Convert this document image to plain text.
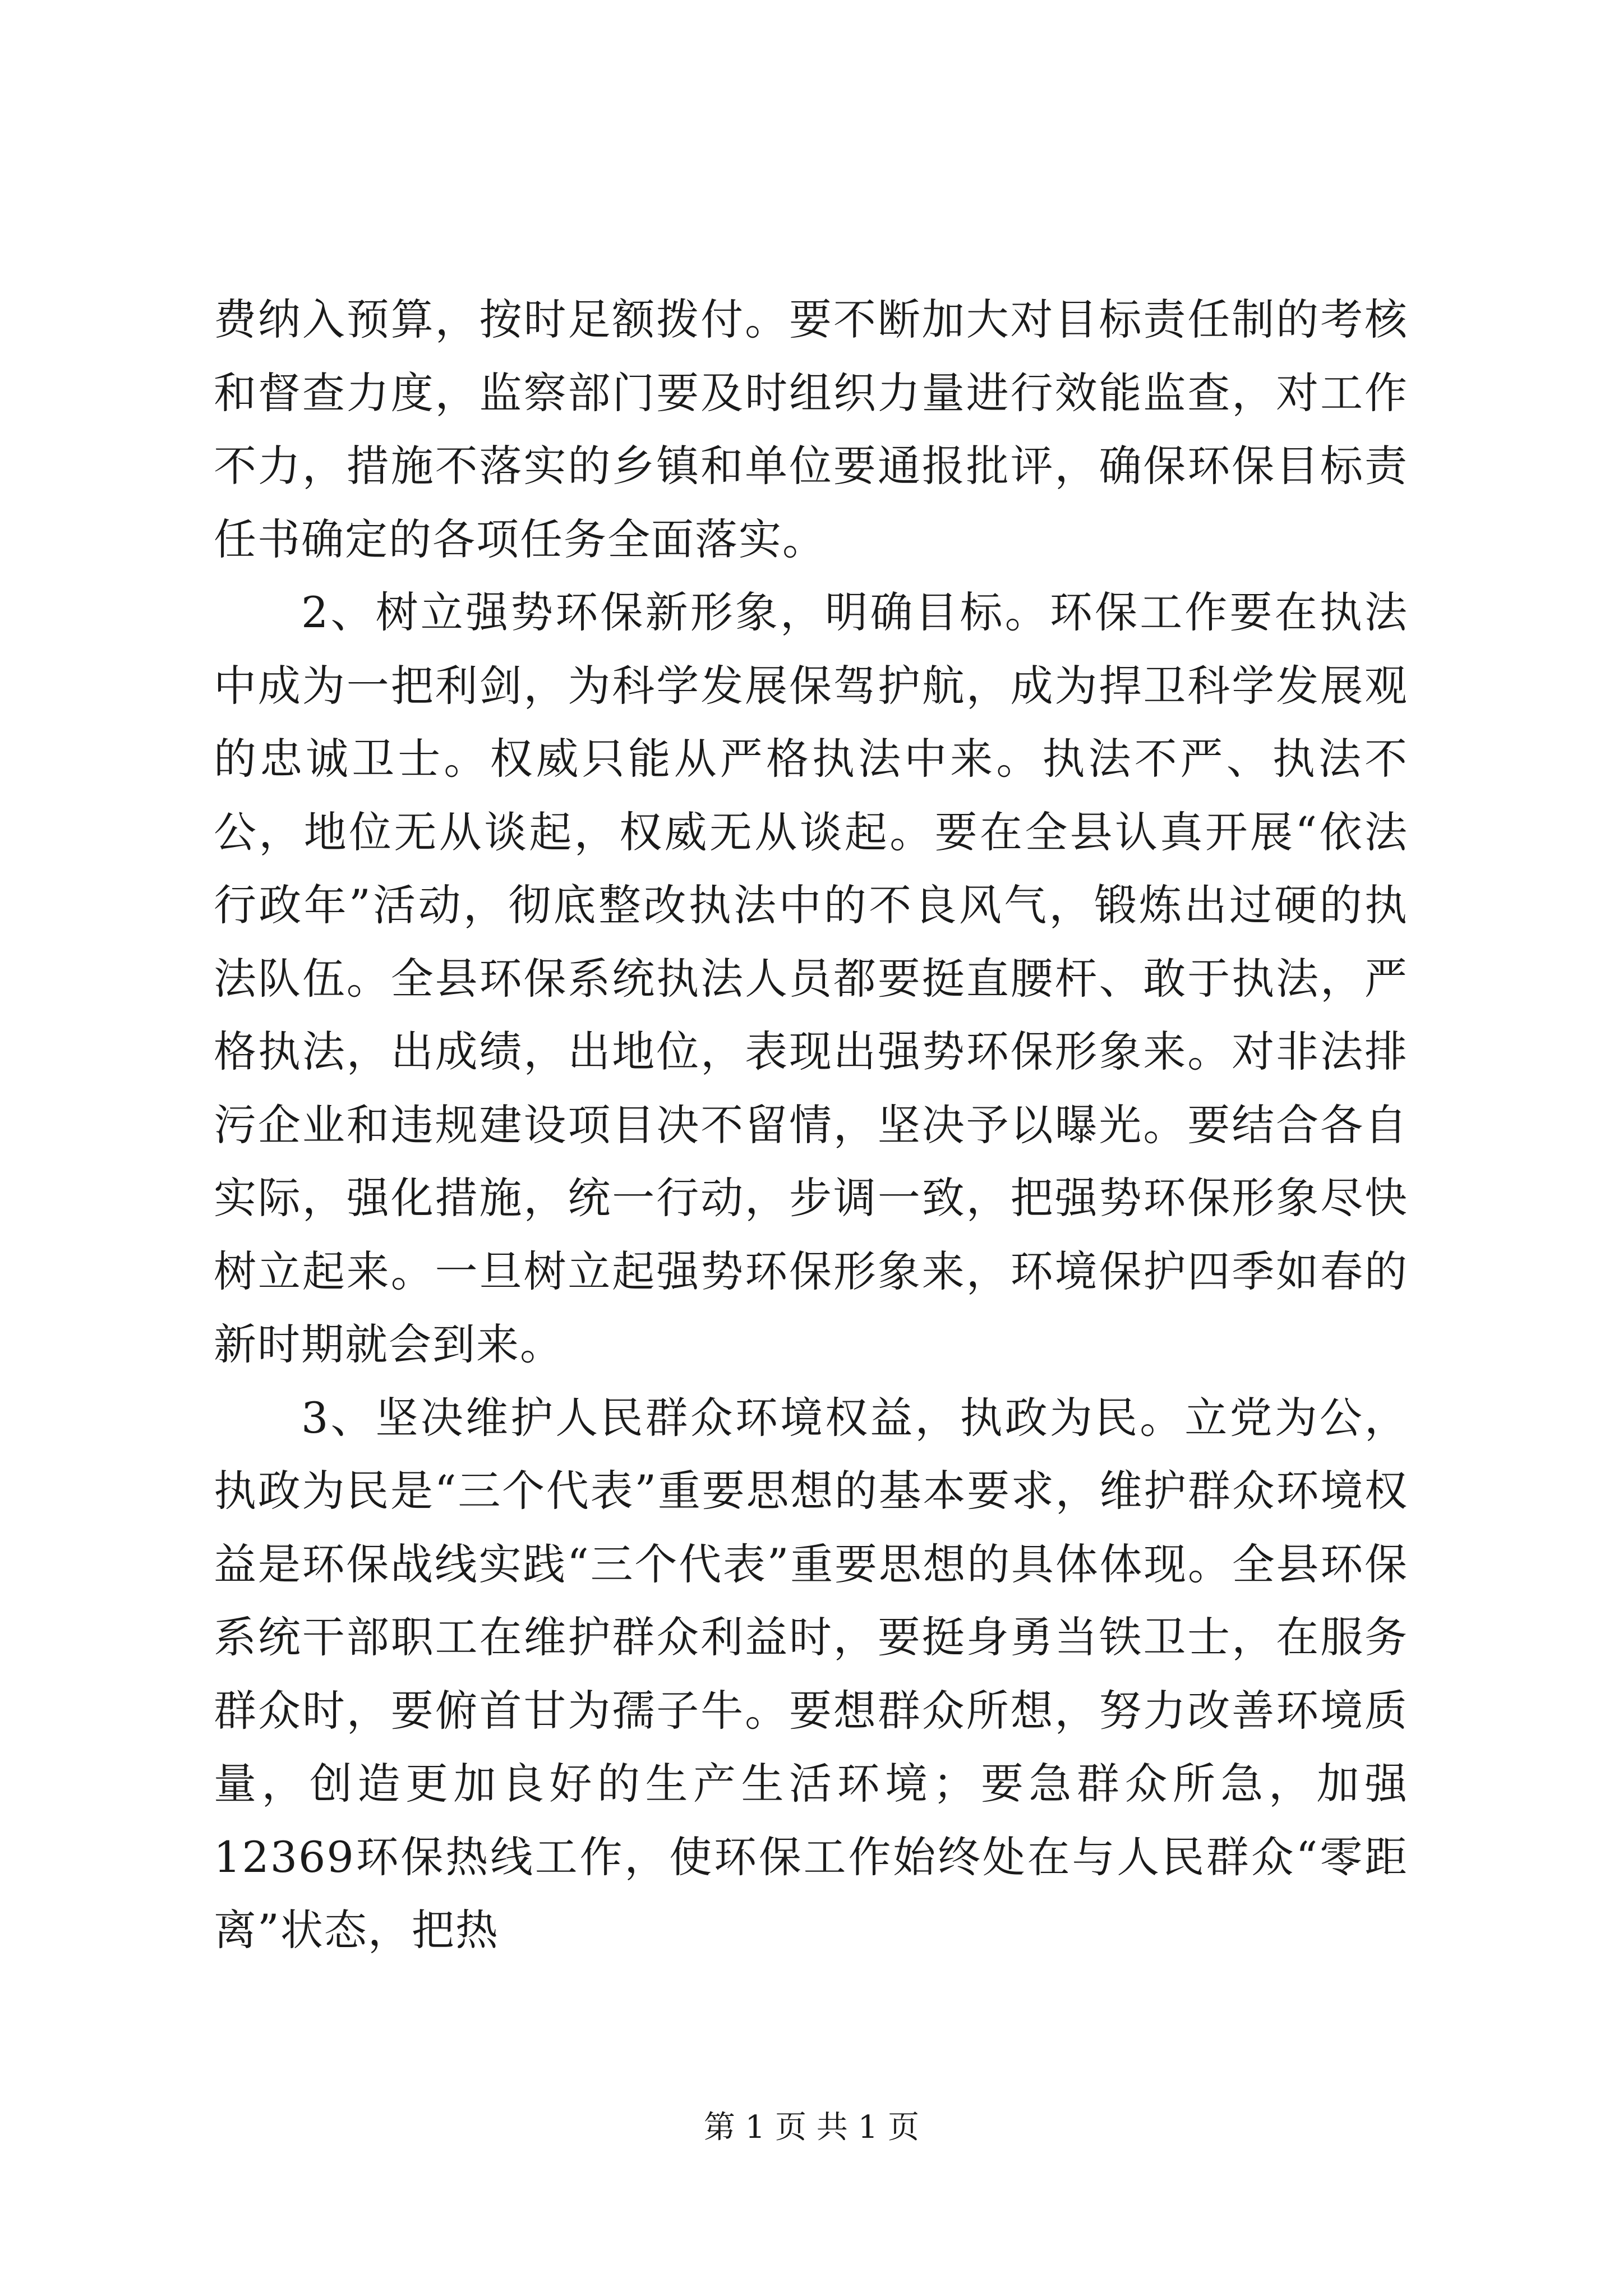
费纳入预算，按时足额拨付。要不断加大对目标责任制的考核和督查力度，监察部门要及时组织力量进行效能监查，对工作不力，措施不落实的乡镇和单位要通报批评，确保环保目标责任书确定的各项任务全面落实。

2、树立强势环保新形象，明确目标。环保工作要在执法中成为一把利剑，为科学发展保驾护航，成为捍卫科学发展观的忠诚卫士。权威只能从严格执法中来。执法不严、执法不公，地位无从谈起，权威无从谈起。要在全县认真开展“依法行政年”活动，彻底整改执法中的不良风气，锻炼出过硬的执法队伍。全县环保系统执法人员都要挺直腰杆、敢于执法，严格执法，出成绩，出地位，表现出强势环保形象来。对非法排污企业和违规建设项目决不留情，坚决予以曝光。要结合各自实际，强化措施，统一行动，步调一致，把强势环保形象尽快树立起来。一旦树立起强势环保形象来，环境保护四季如春的新时期就会到来。

3、坚决维护人民群众环境权益，执政为民。立党为公，执政为民是“三个代表”重要思想的基本要求，维护群众环境权益是环保战线实践“三个代表”重要思想的具体体现。全县环保系统干部职工在维护群众利益时，要挺身勇当铁卫士，在服务群众时，要俯首甘为孺子牛。要想群众所想，努力改善环境质量，创造更加良好的生产生活环境；要急群众所急，加强12369环保热线工作，使环保工作始终处在与人民群众“零距离”状态，把热

第 1 页 共 1 页
